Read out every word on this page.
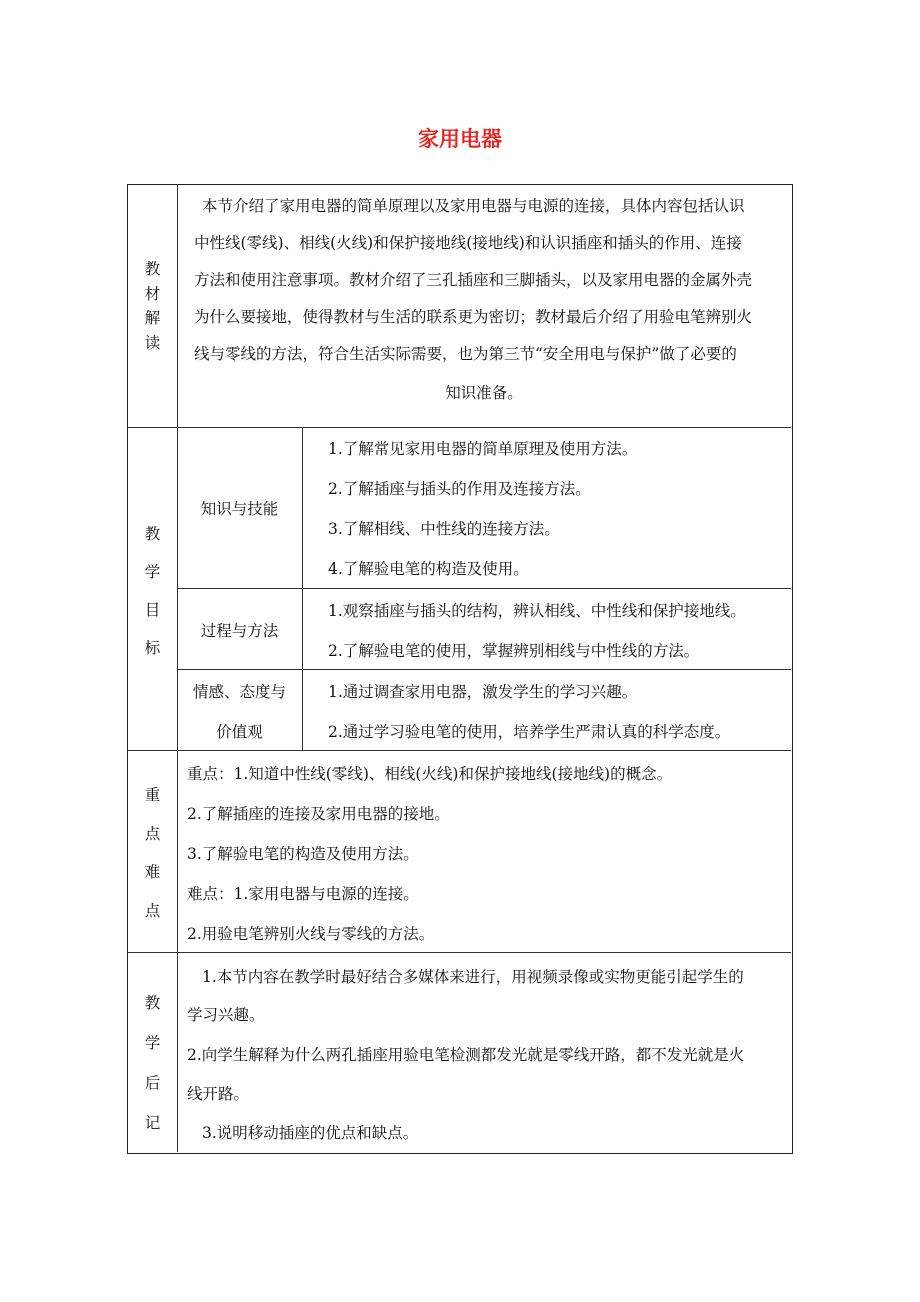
家用电器
教
材
解
读
本节介绍了家用电器的简单原理以及家用电器与电源的连接，具体内容包括认识
中性线(零线)、相线(火线)和保护接地线(接地线)和认识插座和插头的作用、连接
方法和使用注意事项。教材介绍了三孔插座和三脚插头，以及家用电器的金属外壳
为什么要接地，使得教材与生活的联系更为密切；教材最后介绍了用验电笔辨别火
线与零线的方法，符合生活实际需要，也为第三节“安全用电与保护”做了必要的
知识准备。
教
学
目
标
知识与技能
1.了解常见家用电器的简单原理及使用方法。
2.了解插座与插头的作用及连接方法。
3.了解相线、中性线的连接方法。
4.了解验电笔的构造及使用。
过程与方法
1.观察插座与插头的结构，辨认相线、中性线和保护接地线。
2.了解验电笔的使用，掌握辨别相线与中性线的方法。
情感、态度与
价值观
1.通过调查家用电器，激发学生的学习兴趣。
2.通过学习验电笔的使用，培养学生严肃认真的科学态度。
重
点
难
点
重点：1.知道中性线(零线)、相线(火线)和保护接地线(接地线)的概念。
2.了解插座的连接及家用电器的接地。
3.了解验电笔的构造及使用方法。
难点：1.家用电器与电源的连接。
2.用验电笔辨别火线与零线的方法。
教
学
后
记
1.本节内容在教学时最好结合多媒体来进行，用视频录像或实物更能引起学生的
学习兴趣。
2.向学生解释为什么两孔插座用验电笔检测都发光就是零线开路，都不发光就是火
线开路。
3.说明移动插座的优点和缺点。
